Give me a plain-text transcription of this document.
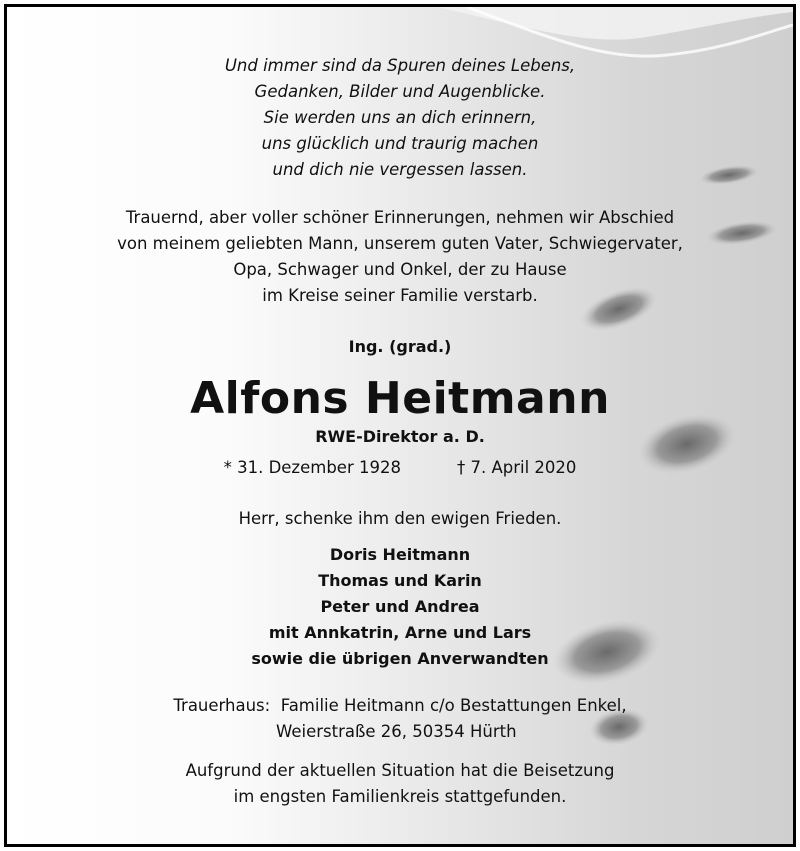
Und immer sind da Spuren deines Lebens,
Gedanken, Bilder und Augenblicke.
Sie werden uns an dich erinnern,
uns glücklich und traurig machen
und dich nie vergessen lassen.
Trauernd, aber voller schöner Erinnerungen, nehmen wir Abschied
von meinem geliebten Mann, unserem guten Vater, Schwiegervater,
Opa, Schwager und Onkel, der zu Hause
im Kreise seiner Familie verstarb.
Ing. (grad.)
Alfons Heitmann
RWE-Direktor a. D.
* 31. Dezember 1928	† 7. April 2020
Herr, schenke ihm den ewigen Frieden.
Doris Heitmann
Thomas und Karin
Peter und Andrea
mit Annkatrin, Arne und Lars
sowie die übrigen Anverwandten
Trauerhaus: Familie Heitmann c/o Bestattungen Enkel,
Weierstraße 26, 50354 Hürth
Aufgrund der aktuellen Situation hat die Beisetzung
im engsten Familienkreis stattgefunden.
